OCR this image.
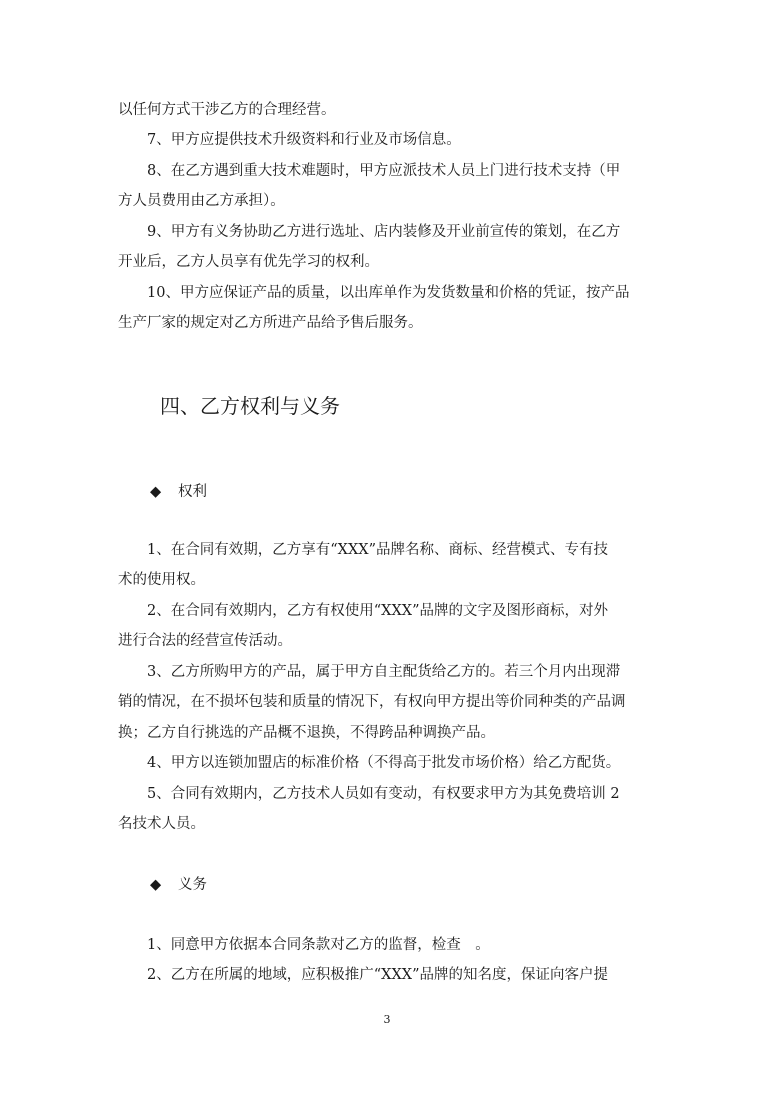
以任何方式干涉乙方的合理经营。
　　7、甲方应提供技术升级资料和行业及市场信息。
　　8、在乙方遇到重大技术难题时，甲方应派技术人员上门进行技术支持（甲
方人员费用由乙方承担）。
　　9、甲方有义务协助乙方进行选址、店内装修及开业前宣传的策划，在乙方
开业后，乙方人员享有优先学习的权利。
　　10、甲方应保证产品的质量，以出库单作为发货数量和价格的凭证，按产品
生产厂家的规定对乙方所进产品给予售后服务。
四、乙方权利与义务
◆ 权利
　　1、在合同有效期，乙方享有“XXX”品牌名称、商标、经营模式、专有技
术的使用权。
　　2、在合同有效期内，乙方有权使用“XXX”品牌的文字及图形商标，对外
进行合法的经营宣传活动。
　　3、乙方所购甲方的产品，属于甲方自主配货给乙方的。若三个月内出现滞
销的情况，在不损坏包装和质量的情况下，有权向甲方提出等价同种类的产品调
换；乙方自行挑选的产品概不退换，不得跨品种调换产品。
　　4、甲方以连锁加盟店的标准价格（不得高于批发市场价格）给乙方配货。
　　5、合同有效期内，乙方技术人员如有变动，有权要求甲方为其免费培训 2
名技术人员。
◆ 义务
　　1、同意甲方依据本合同条款对乙方的监督，检查　。
　　2、乙方在所属的地域，应积极推广“XXX”品牌的知名度，保证向客户提
3
